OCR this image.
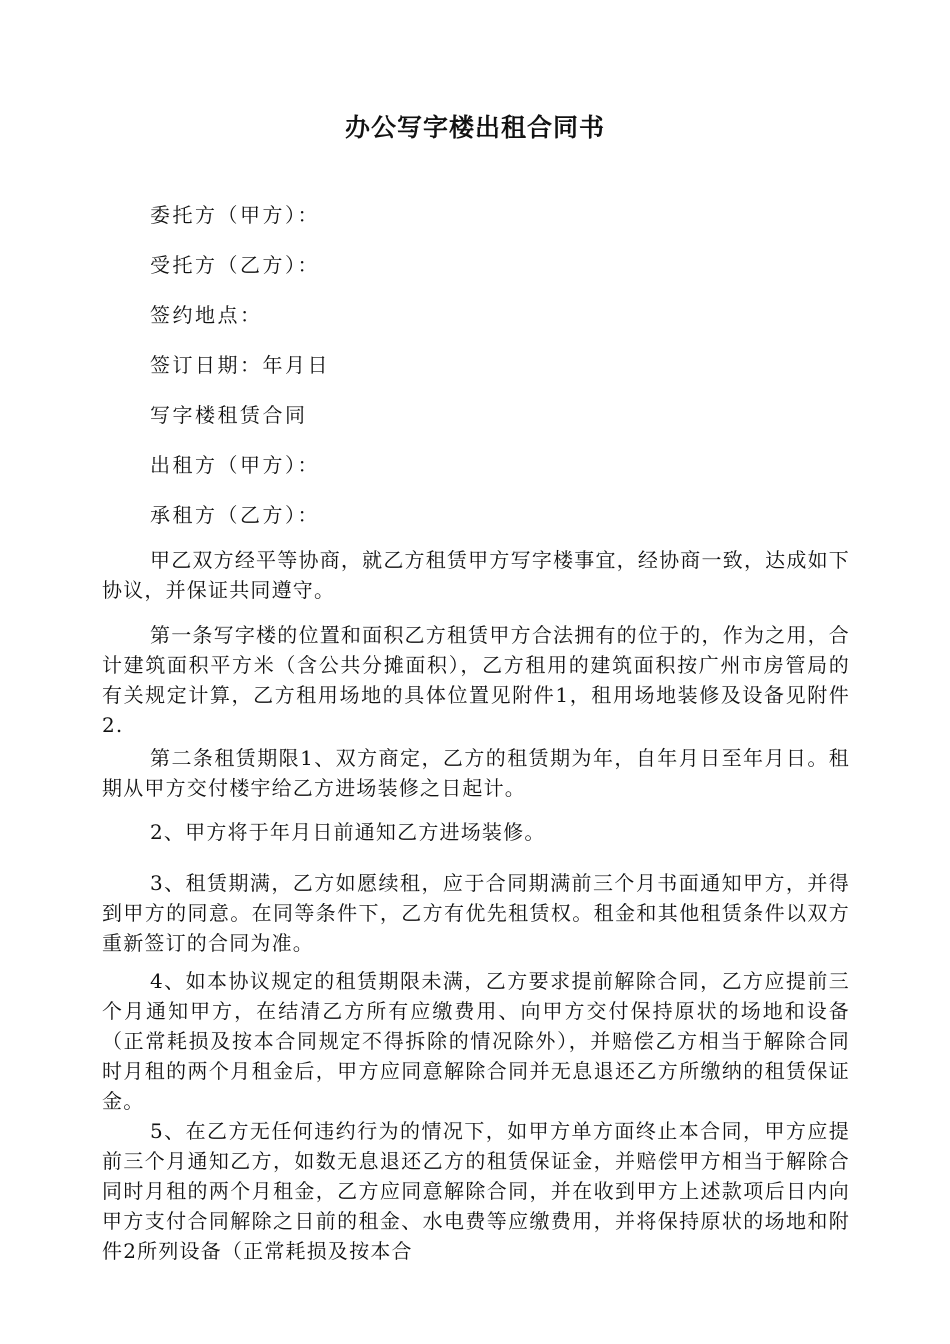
办公写字楼出租合同书
委托方（甲方）：
受托方（乙方）：
签约地点：
签订日期：年月日
写字楼租赁合同
出租方（甲方）：
承租方（乙方）：
甲乙双方经平等协商，就乙方租赁甲方写字楼事宜，经协商一致，达成如下协议，并保证共同遵守。
第一条写字楼的位置和面积乙方租赁甲方合法拥有的位于的，作为之用，合计建筑面积平方米（含公共分摊面积），乙方租用的建筑面积按广州市房管局的有关规定计算，乙方租用场地的具体位置见附件1，租用场地装修及设备见附件2.
第二条租赁期限1、双方商定，乙方的租赁期为年，自年月日至年月日。租期从甲方交付楼宇给乙方进场装修之日起计。
2、甲方将于年月日前通知乙方进场装修。
3、租赁期满，乙方如愿续租，应于合同期满前三个月书面通知甲方，并得到甲方的同意。在同等条件下，乙方有优先租赁权。租金和其他租赁条件以双方重新签订的合同为准。
4、如本协议规定的租赁期限未满，乙方要求提前解除合同，乙方应提前三个月通知甲方，在结清乙方所有应缴费用、向甲方交付保持原状的场地和设备（正常耗损及按本合同规定不得拆除的情况除外），并赔偿乙方相当于解除合同时月租的两个月租金后，甲方应同意解除合同并无息退还乙方所缴纳的租赁保证金。
5、在乙方无任何违约行为的情况下，如甲方单方面终止本合同，甲方应提前三个月通知乙方，如数无息退还乙方的租赁保证金，并赔偿甲方相当于解除合同时月租的两个月租金，乙方应同意解除合同，并在收到甲方上述款项后日内向甲方支付合同解除之日前的租金、水电费等应缴费用，并将保持原状的场地和附件2所列设备（正常耗损及按本合
